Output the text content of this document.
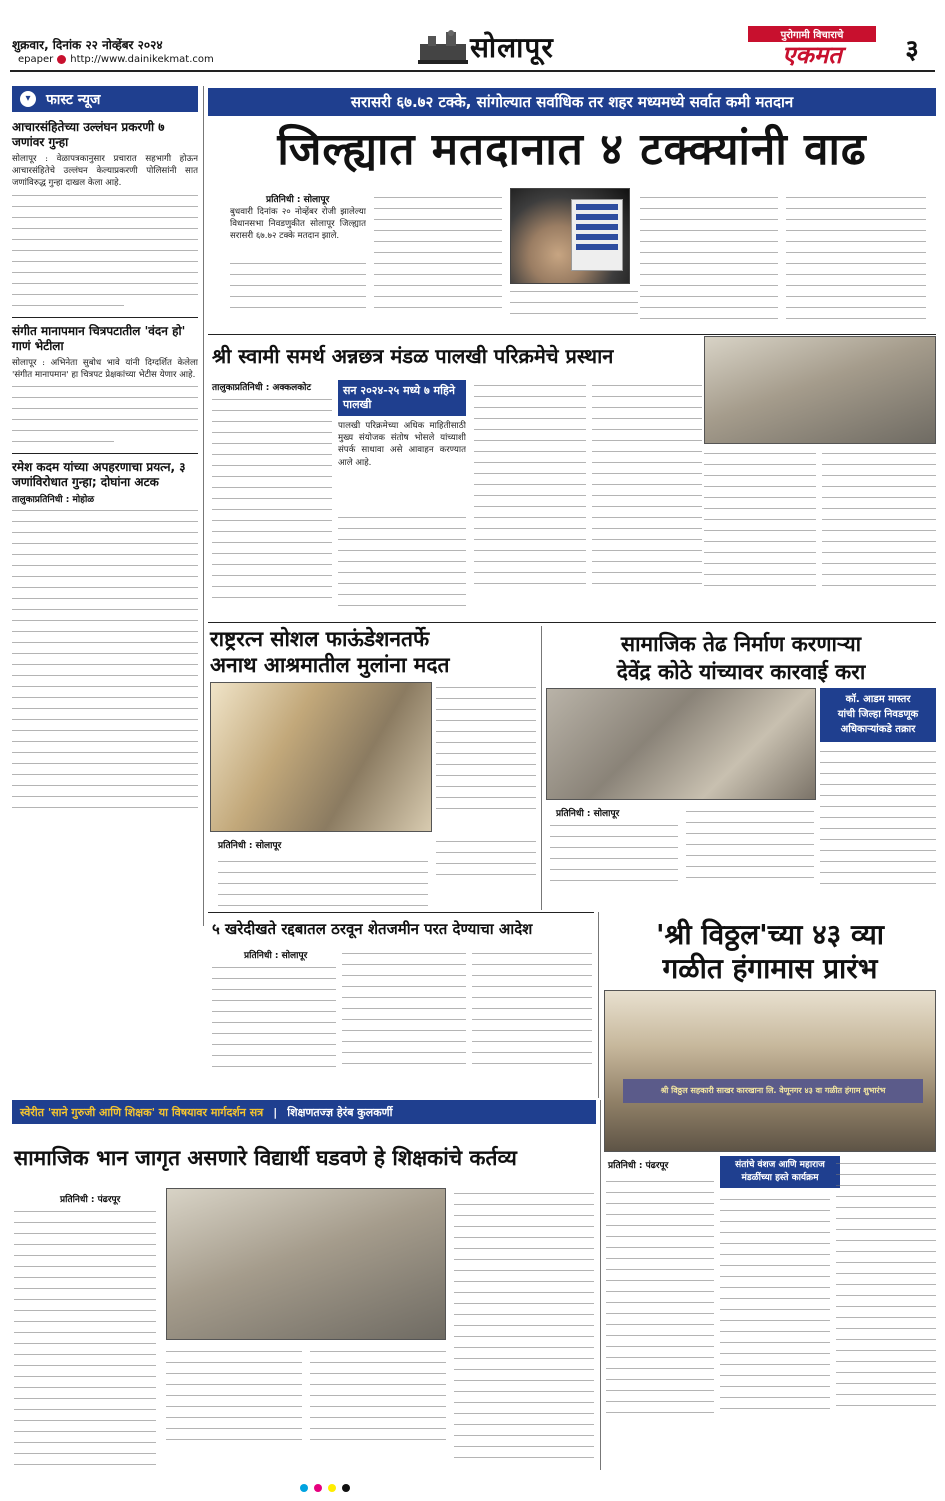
शुक्रवार, दिनांक २२ नोव्हेंबर २०२४
epaper http://www.dainikekmat.com	सोलापूर	पुरोगामी विचाराचे
एकमत	३
▾	फास्ट न्यूज
आचारसंहितेच्या उल्लंघन प्रकरणी ७ जणांवर गुन्हा
सोलापूर : वेळापत्रकानुसार प्रचारात सहभागी होऊन आचारसंहितेचे उल्लंघन केल्याप्रकरणी पोलिसांनी सात जणांविरुद्ध गुन्हा दाखल केला आहे.
संगीत मानापमान चित्रपटातील 'वंदन हो' गाणं भेटीला
सोलापूर : अभिनेता सुबोध भावे यांनी दिग्दर्शित केलेला 'संगीत मानापमान' हा चित्रपट प्रेक्षकांच्या भेटीस येणार आहे.
रमेश कदम यांच्या अपहरणाचा प्रयत्न, ३ जणांविरोधात गुन्हा; दोघांना अटक
तालुकाप्रतिनिधी : मोहोळ
सरासरी ६७.७२ टक्के, सांगोल्यात सर्वाधिक तर शहर मध्यमध्ये सर्वात कमी मतदान
जिल्ह्यात मतदानात ४ टक्क्यांनी वाढ
प्रतिनिधी : सोलापूर
बुधवारी दिनांक २० नोव्हेंबर रोजी झालेल्या विधानसभा निवडणुकीत सोलापूर जिल्ह्यात सरासरी ६७.७२ टक्के मतदान झाले.
श्री स्वामी समर्थ अन्नछत्र मंडळ पालखी परिक्रमेचे प्रस्थान
तालुकाप्रतिनिधी : अक्कलकोट	सन २०२४-२५ मध्ये ७ महिने पालखी
पालखी परिक्रमेच्या अधिक माहितीसाठी मुख्य संयोजक संतोष भोसले यांच्याशी संपर्क साधावा असे आवाहन करण्यात आले आहे.
राष्ट्ररत्न सोशल फाऊंडेशनतर्फे
अनाथ आश्रमातील मुलांना मदत
प्रतिनिधी : सोलापूर
सामाजिक तेढ निर्माण करणाऱ्या
देवेंद्र कोठे यांच्यावर कारवाई करा
कॉ. आडम मास्तर
यांची जिल्हा निवडणूक
अधिकाऱ्यांकडे तक्रार
प्रतिनिधी : सोलापूर
५ खरेदीखते रद्दबातल ठरवून शेतजमीन परत देण्याचा आदेश
प्रतिनिधी : सोलापूर
'श्री विठ्ठल'च्या ४३ व्या
गळीत हंगामास प्रारंभ
श्री विठ्ठल सहकारी साखर कारखाना लि. वेणूनगर ४३ वा गळीत हंगाम शुभारंभ
प्रतिनिधी : पंढरपूर	संतांचे वंशज आणि महाराज मंडळींच्या हस्ते कार्यक्रम
स्वेरीत 'साने गुरुजी आणि शिक्षक' या विषयावर मार्गदर्शन सत्र | शिक्षणतज्ज्ञ हेरंब कुलकर्णी
सामाजिक भान जागृत असणारे विद्यार्थी घडवणे हे शिक्षकांचे कर्तव्य
प्रतिनिधी : पंढरपूर
